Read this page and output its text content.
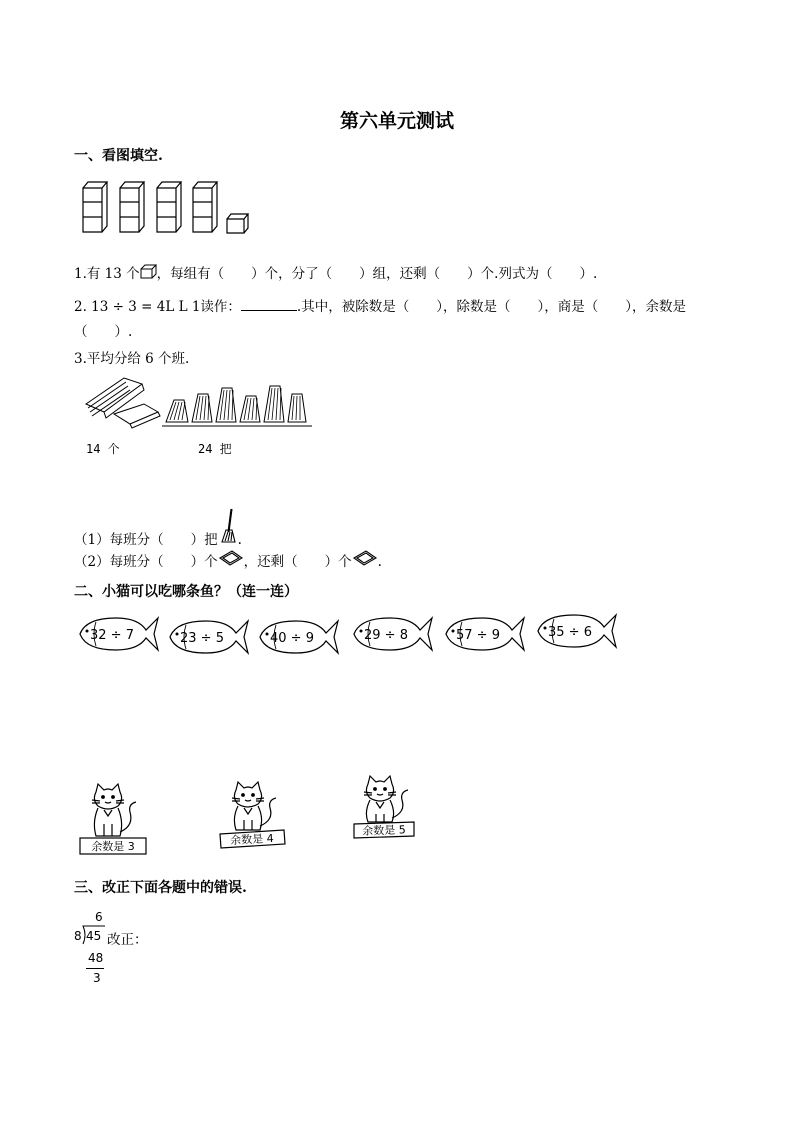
第六单元测试
一、看图填空.
1.有 13 个 ，每组有（　　）个，分了（　　）组，还剩（　　）个.列式为（　　）.
2. 13 ÷ 3 = 4L L 1读作：	.其中，被除数是（　　），除数是（　　），商是（　　），余数是
（　　）.
3.平均分给 6 个班.
14 个	24 把
（1）每班分（　　）把 .
（2）每班分（　　）个 ，还剩（　　）个 .
二、小猫可以吃哪条鱼？（连一连）
32 ÷ 7	23 ÷ 5	40 ÷ 9	29 ÷ 8	57 ÷ 9	35 ÷ 6
余数是 3	余数是 4
余数是 5
三、改正下面各题中的错误.
6
8 45 改正：
48
3
